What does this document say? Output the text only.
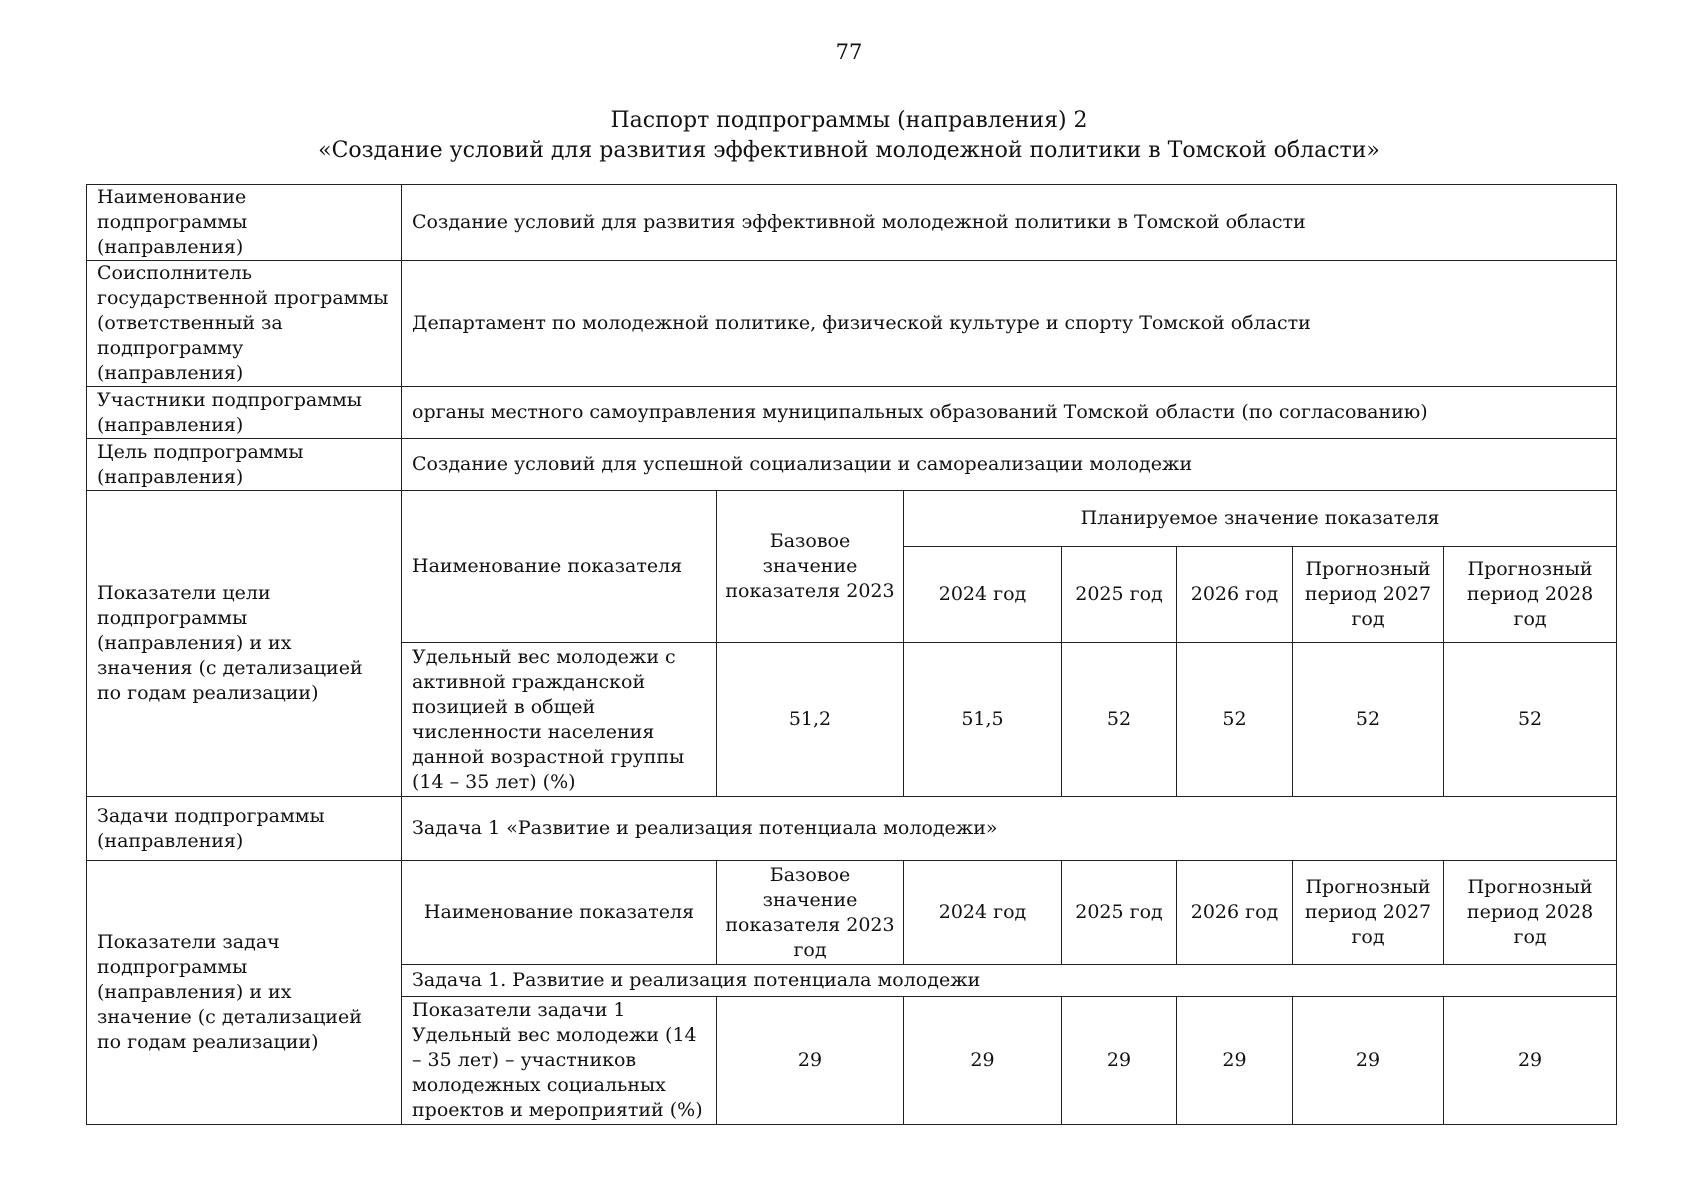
77
Паспорт подпрограммы (направления) 2
«Создание условий для развития эффективной молодежной политики в Томской области»
Наименование подпрограммы (направления)	Создание условий для развития эффективной молодежной политики в Томской области						
Соисполнитель государственной программы (ответственный за подпрограмму (направления)	Департамент по молодежной политике, физической культуре и спорту Томской области						
Участники подпрограммы (направления)	органы местного самоуправления муниципальных образований Томской области (по согласованию)						
Цель подпрограммы (направления)	Создание условий для успешной социализации и самореализации молодежи						
Показатели цели подпрограммы (направления) и их значения (с детализацией по годам реализации)	Наименование показателя	Базовое значение показателя 2023	Планируемое значение показателя				
			2024 год	2025 год	2026 год	Прогнозный период 2027 год	Прогнозный период 2028 год
	Удельный вес молодежи с активной гражданской позицией в общей численности населения данной возрастной группы (14 – 35 лет) (%)	51,2	51,5	52	52	52	52
Задачи подпрограммы (направления)	Задача 1 «Развитие и реализация потенциала молодежи»						
Показатели задач подпрограммы (направления) и их значение (с детализацией по годам реализации)	Наименование показателя	Базовое значение показателя 2023 год	2024 год	2025 год	2026 год	Прогнозный период 2027 год	Прогнозный период 2028 год
	Задача 1. Развитие и реализация потенциала молодежи						
	Показатели задачи 1 Удельный вес молодежи (14 – 35 лет) – участников молодежных социальных проектов и мероприятий (%)	29	29	29	29	29	29
